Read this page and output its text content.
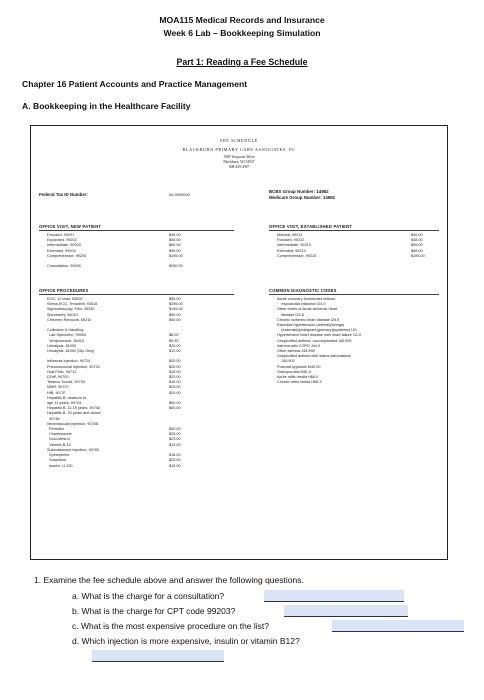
MOA115 Medical Records and Insurance
Week 6 Lab – Bookkeeping Simulation
Part 1: Reading a Fee Schedule
Chapter 16 Patient Accounts and Practice Management
A. Bookkeeping in the Healthcare Facility
FEE SCHEDULE
BLACKBURN PRIMARY CARE ASSOCIATES, PC
1990 Turquoise Drive
Blackburn, WI 54937
608-439-4987
Federal Tax ID Number:	00-0000000
BCBS Group Number: 14982
Medicare Group Number: 14982
OFFICE VISIT, NEW PATIENT
Focused, 99201
Expanded, 99202
Intermediate, 99203
Extended, 99204
Comprehensive, 99205

Consultation, 99245
$45.00
$55.00
$60.00
$95.00
$195.00

$250.00
OFFICE VISIT, ESTABLISHED PATIENT
Minimal, 99211
Focused, 99212
Intermediate, 99213
Extended, 99214
Comprehensive, 99215
$40.00
$48.00
$55.00
$65.00
$195.00
OFFICE PROCEDURES
ECG, 12 lead, 93000
Stress ECG, Treadmill, 93015
Sigmoidoscopy, Flex; 45330
Spirometry, 94010
Cerumen Removal, 69210

Collection & Handling
Lab Specimen, 99000
Venipuncture, 36415
Urinalysis, 81000
Urinalysis, 81002 (Dip Only)

Influenza Injection, 90724
Pneumococcal Injection, 90732
Oral Polio, 90712
DTaP, 90700
Tetanus Toxoid, 90703
MMR, 90707
HIB, 90737
Hepatitis B, newborn to
age 11 years, 90744
Hepatitis B, 11-19 years, 90745
Hepatitis B, 20 years and above
90746
Intramuscular Injection, 90788
Penicillin
Cephtriaxone
Solu-Medrol
Vitamin B-12
Subcutaneous Injection, 90782
Epinephrine
Susphrine
Insulin, U-100
$55.00
$295.00
$145.00
$50.00
$40.00

$8.00
$9.90
$20.00
$12.00

$20.00
$20.00
$15.00
$20.00
$15.00
$25.00
$20.00

$60.00
$60.00

$30.00
$25.00
$23.00
$13.00

$18.00
$25.00
$15.00
COMMON DIAGNOSTIC CODES
Acute coronary thrombosis without
myocardial infarction I24.0
Other forms of acute ischemic heart
disease I24.8
Chronic ischemic heart disease I25.9
Essential hypertension (arterial)(benign)
(essential)(malignant)(primary)(systemic) I10
Hypertensive heart disease with heart failure I11.0
Unspecified asthma, uncomplicated J45.909
Asthma with COPD J44.9
Other asthma J45.998
Unspecified asthma with status asthmaticus
J45.902
Postural kyphosis M40.00
Osteoporosis M81.0
Acute otitis media H66.0
Chronic otitis media H66.3
1. Examine the fee schedule above and answer the following questions.
a. What is the charge for a consultation?
b. What is the charge for CPT code 99203?
c. What is the most expensive procedure on the list?
d. Which injection is more expensive, insulin or vitamin B12?
